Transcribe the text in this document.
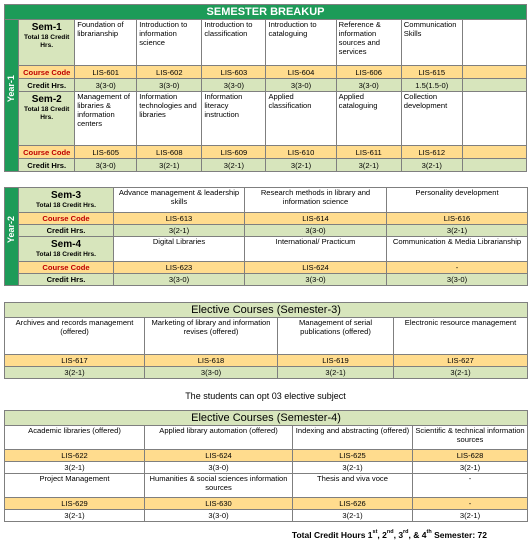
SEMESTER BREAKUP								

Year-1	Sem-1
Total 18 Credit Hrs.	Foundation of librarianship	Introduction to information science	Introduction to classification	Introduction to cataloguing	Reference & information sources and services	Communication Skills	
	Course Code	LIS-601	LIS-602	LIS-603	LIS-604	LIS-606	LIS-615	
	Credit Hrs.	3(3-0)	3(3-0)	3(3-0)	3(3-0)	3(3-0)	1.5(1.5-0)	

	Sem-2
Total 18 Credit Hrs.	Management of libraries & information centers	Information technologies and libraries	Information literacy instruction	Applied classification	Applied cataloguing	Collection development	
	Course Code	LIS-605	LIS-608	LIS-609	LIS-610	LIS-611	LIS-612	
	Credit Hrs.	3(3-0)	3(2-1)	3(2-1)	3(2-1)	3(2-1)	3(2-1)	
Year-2	Sem-3
Total 18 Credit Hrs.	Advance management & leadership skills	Research methods in library and information science	Personality development
	Course Code	LIS-613	LIS-614	LIS-616
	Credit Hrs.	3(2-1)	3(3-0)	3(2-1)

	Sem-4
Total 18 Credit Hrs.	Digital Libraries	International/ Practicum	Communication & Media Librarianship
	Course Code	LIS-623	LIS-624	-
	Credit Hrs.	3(3-0)	3(3-0)	3(3-0)
Elective Courses (Semester-3)			
Archives and records management (offered)	Marketing of library and information revises (offered)	Management of serial publications (offered)	Electronic resource management
LIS-617	LIS-618	LIS-619	LIS-627
3(2-1)	3(3-0)	3(2-1)	3(2-1)
The students can opt 03 elective subject
Elective Courses (Semester-4)			
Academic libraries (offered)	Applied library automation (offered)	Indexing and abstracting (offered)	Scientific & technical information sources
LIS-622	LIS-624	LIS-625	LIS-628
3(2-1)	3(3-0)	3(2-1)	3(2-1)
Project Management	Humanities & social sciences information sources	Thesis and viva voce	-
LIS-629	LIS-630	LIS-626	-
3(2-1)	3(3-0)	3(2-1)	3(2-1)
Total Credit Hours 1st, 2nd, 3rd, & 4th Semester: 72
